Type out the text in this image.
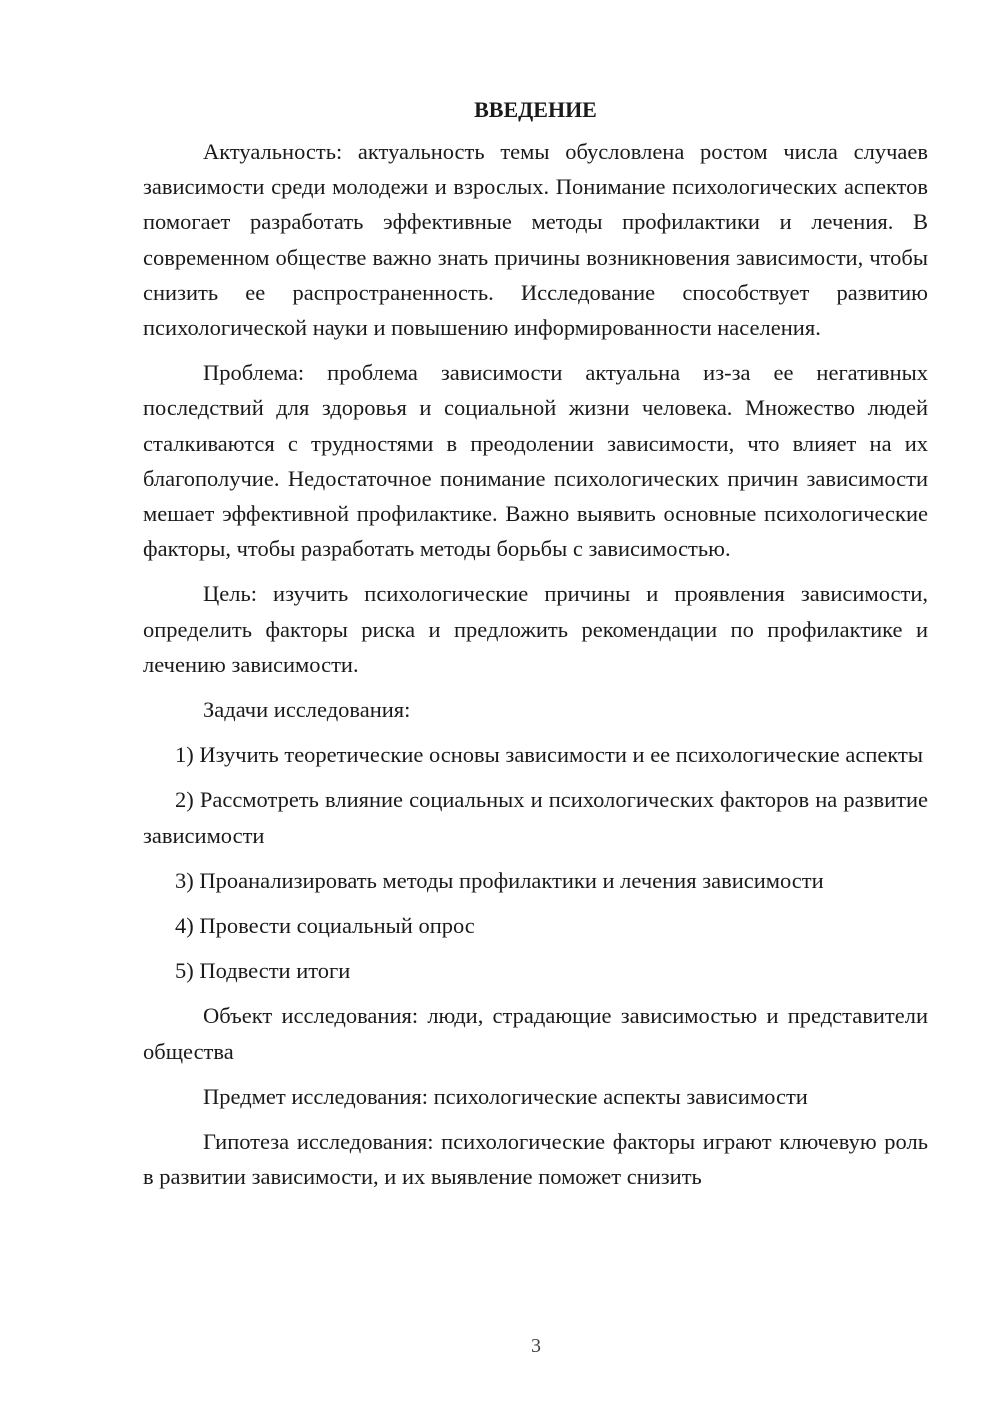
ВВЕДЕНИЕ

Актуальность: актуальность темы обусловлена ростом числа случаев зависимости среди молодежи и взрослых. Понимание психологических аспектов помогает разработать эффективные методы профилактики и лечения. В современном обществе важно знать причины возникновения зависимости, чтобы снизить ее распространенность. Исследование способствует развитию психологической науки и повышению информированности населения.

Проблема: проблема зависимости актуальна из-за ее негативных последствий для здоровья и социальной жизни человека. Множество людей сталкиваются с трудностями в преодолении зависимости, что влияет на их благополучие. Недостаточное понимание психологических причин зависимости мешает эффективной профилактике. Важно выявить основные психологические факторы, чтобы разработать методы борьбы с зависимостью.

Цель: изучить психологические причины и проявления зависимости, определить факторы риска и предложить рекомендации по профилактике и лечению зависимости.

Задачи исследования:

1) Изучить теоретические основы зависимости и ее психологические аспекты

2) Рассмотреть влияние социальных и психологических факторов на развитие зависимости

3) Проанализировать методы профилактики и лечения зависимости

4) Провести социальный опрос

5) Подвести итоги

Объект исследования: люди, страдающие зависимостью и представители общества

Предмет исследования: психологические аспекты зависимости

Гипотеза исследования: психологические факторы играют ключевую роль в развитии зависимости, и их выявление поможет снизить

3
